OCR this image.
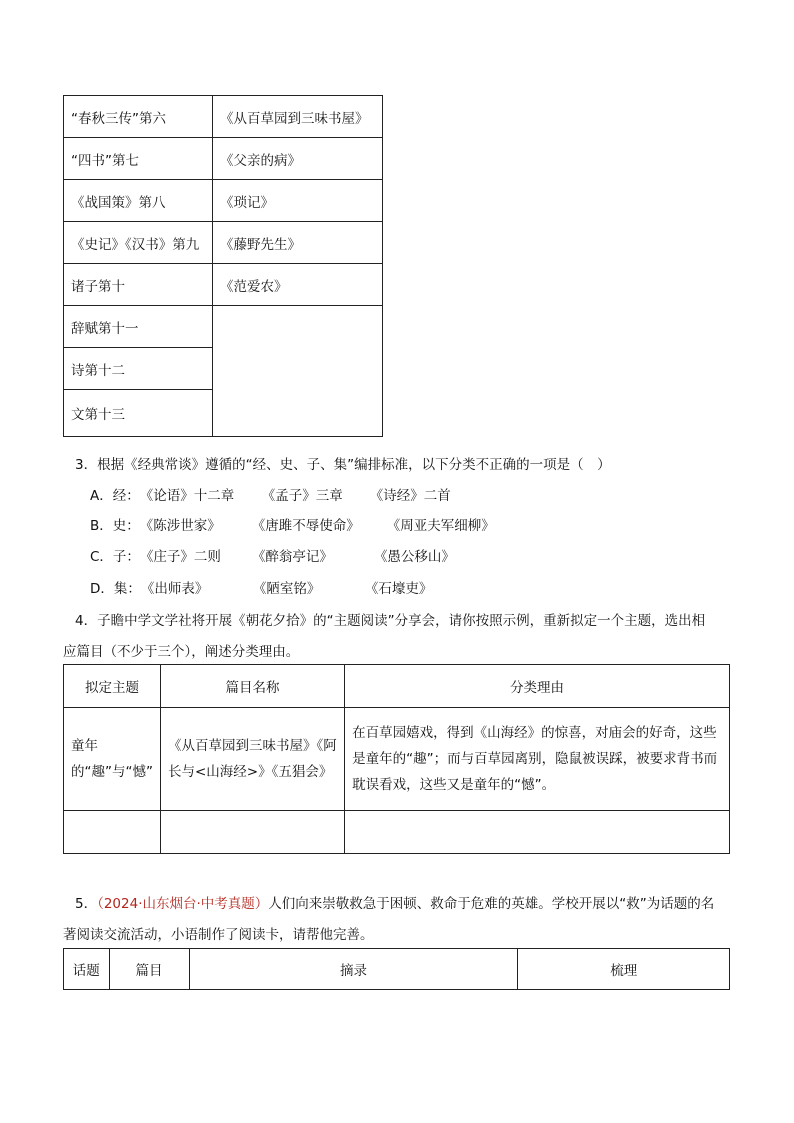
“春秋三传”第六	《从百草园到三味书屋》
“四书”第七	《父亲的病》
《战国策》第八	《琐记》
《史记》《汉书》第九	《藤野先生》
诸子第十	《范爱农》
辞赋第十一	
诗第十二	
文第十三	
3．根据《经典常谈》遵循的“经、史、子、集”编排标准，以下分类不正确的一项是（　）
A．经：《论语》十二章 《孟子》三章 《诗经》二首
B．史：《陈涉世家》 《唐雎不辱使命》 《周亚夫军细柳》
C．子：《庄子》二则 《醉翁亭记》	《愚公移山》
D．集：《出师表》	《陋室铭》	《石壕吏》
4．子瞻中学文学社将开展《朝花夕拾》的“主题阅读”分享会，请你按照示例，重新拟定一个主题，选出相
应篇目（不少于三个），阐述分类理由。
拟定主题	篇目名称	分类理由
童年的“趣”与“憾”	《从百草园到三味书屋》《阿长与<山海经>》《五猖会》	在百草园嬉戏，得到《山海经》的惊喜，对庙会的好奇，这些是童年的“趣”；而与百草园离别，隐鼠被误踩，被要求背书而耽误看戏，这些又是童年的“憾”。

5．（2024·山东烟台·中考真题）人们向来崇敬救急于困顿、救命于危难的英雄。学校开展以“救”为话题的名
著阅读交流活动，小语制作了阅读卡，请帮他完善。
话题	篇目	摘录	梳理
